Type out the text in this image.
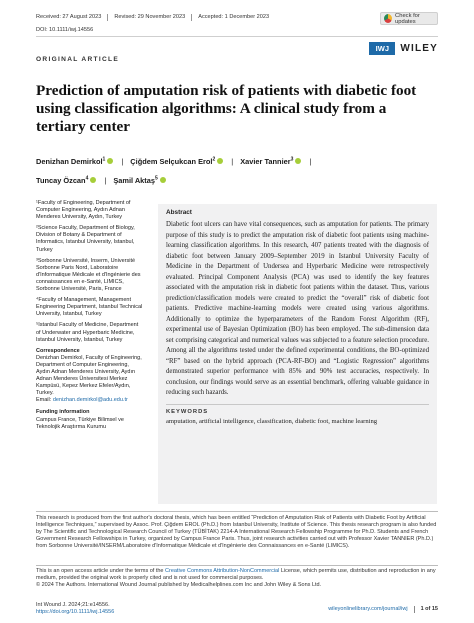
Received: 27 August 2023 Revised: 29 November 2023 Accepted: 1 December 2023	Check for updates
DOI: 10.1111/iwj.14556
IWJ	WILEY
ORIGINAL ARTICLE
Prediction of amputation risk of patients with diabetic foot using classification algorithms: A clinical study from a tertiary center
Denizhan Demirkol$^1$ | Çiğdem Selçukcan Erol$^2$ | Xavier Tannier$^3$ |
Tuncay Özcan$^4$ | Şamil Aktaş$^5$
¹Faculty of Engineering, Department of Computer Engineering, Aydın Adnan Menderes University, Aydın, Turkey
²Science Faculty, Department of Biology, Division of Botany & Department of Informatics, Istanbul University, Istanbul, Turkey
³Sorbonne Université, Inserm, Université Sorbonne Paris Nord, Laboratoire d'Informatique Médicale et d'Ingénierie des connaissances en e-Santé, LIMICS, Sorbonne Université, Paris, France
⁴Faculty of Management, Management Engineering Department, Istanbul Technical University, Istanbul, Turkey
⁵Istanbul Faculty of Medicine, Department of Underwater and Hyperbaric Medicine, Istanbul University, Istanbul, Turkey
Correspondence
Denizhan Demirkol, Faculty of Engineering, Department of Computer Engineering, Aydın Adnan Menderes University, Aydın Adnan Menderes Üniversitesi Merkez Kampüsü, Kepez Merkez Efeler/Aydın, Turkey.
Email: denizhan.demirkol@adu.edu.tr
Funding information
Campus France, Türkiye Bilimsel ve Teknolojik Araştırma Kurumu
Abstract

Diabetic foot ulcers can have vital consequences, such as amputation for patients. The primary purpose of this study is to predict the amputation risk of diabetic foot patients using machine-learning classification algorithms. In this research, 407 patients treated with the diagnosis of diabetic foot between January 2009–September 2019 in Istanbul University Faculty of Medicine in the Department of Undersea and Hyperbaric Medicine were retrospectively evaluated. Principal Component Analysis (PCA) was used to identify the key features associated with the amputation risk in diabetic foot patients within the dataset. Thus, various prediction/classification models were created to predict the “overall” risk of diabetic foot patients. Predictive machine-learning models were created using various algorithms. Additionally to optimize the hyperparameters of the Random Forest Algorithm (RF), experimental use of Bayesian Optimization (BO) has been employed. The sub-dimension data set comprising categorical and numerical values was subjected to a feature selection procedure. Among all the algorithms tested under the defined experimental conditions, the BO-optimized “RF” based on the hybrid approach (PCA-RF-BO) and “Logistic Regression” algorithms demonstrated superior performance with 85% and 90% test accuracies, respectively. In conclusion, our findings would serve as an essential benchmark, offering valuable guidance in reducing such hazards.

KEYWORDS
amputation, artificial intelligence, classification, diabetic foot, machine learning
This research is produced from the first author's doctoral thesis, which has been entitled “Prediction of Amputation Risk of Patients with Diabetic Foot by Artificial Intelligence Techniques,” supervised by Assoc. Prof. Çiğdem EROL (Ph.D.) from Istanbul University, Institute of Science. This thesis research program is also funded by The Scientific and Technological Research Council of Turkey (TÜBİTAK) 2214-A International Research Fellowship Programme for Ph.D. Students and French Government Research Fellowships in Turkey, organized by Campus France Paris. Thus, joint research activities carried out with Professor Xavier TANNIER (Ph.D.) from Sorbonne Université/INSERM/Laboratoire d'Informatique Médicale et d'Ingénierie des Connaissances en e-Santé (LIMICS).
This is an open access article under the terms of the Creative Commons Attribution-NonCommercial License, which permits use, distribution and reproduction in any medium, provided the original work is properly cited and is not used for commercial purposes.
© 2024 The Authors. International Wound Journal published by Medicalhelplines.com Inc and John Wiley & Sons Ltd.
Int Wound J. 2024;21:e14556.
https://doi.org/10.1111/iwj.14556
wileyonlinelibrary.com/journal/iwj 1 of 15
